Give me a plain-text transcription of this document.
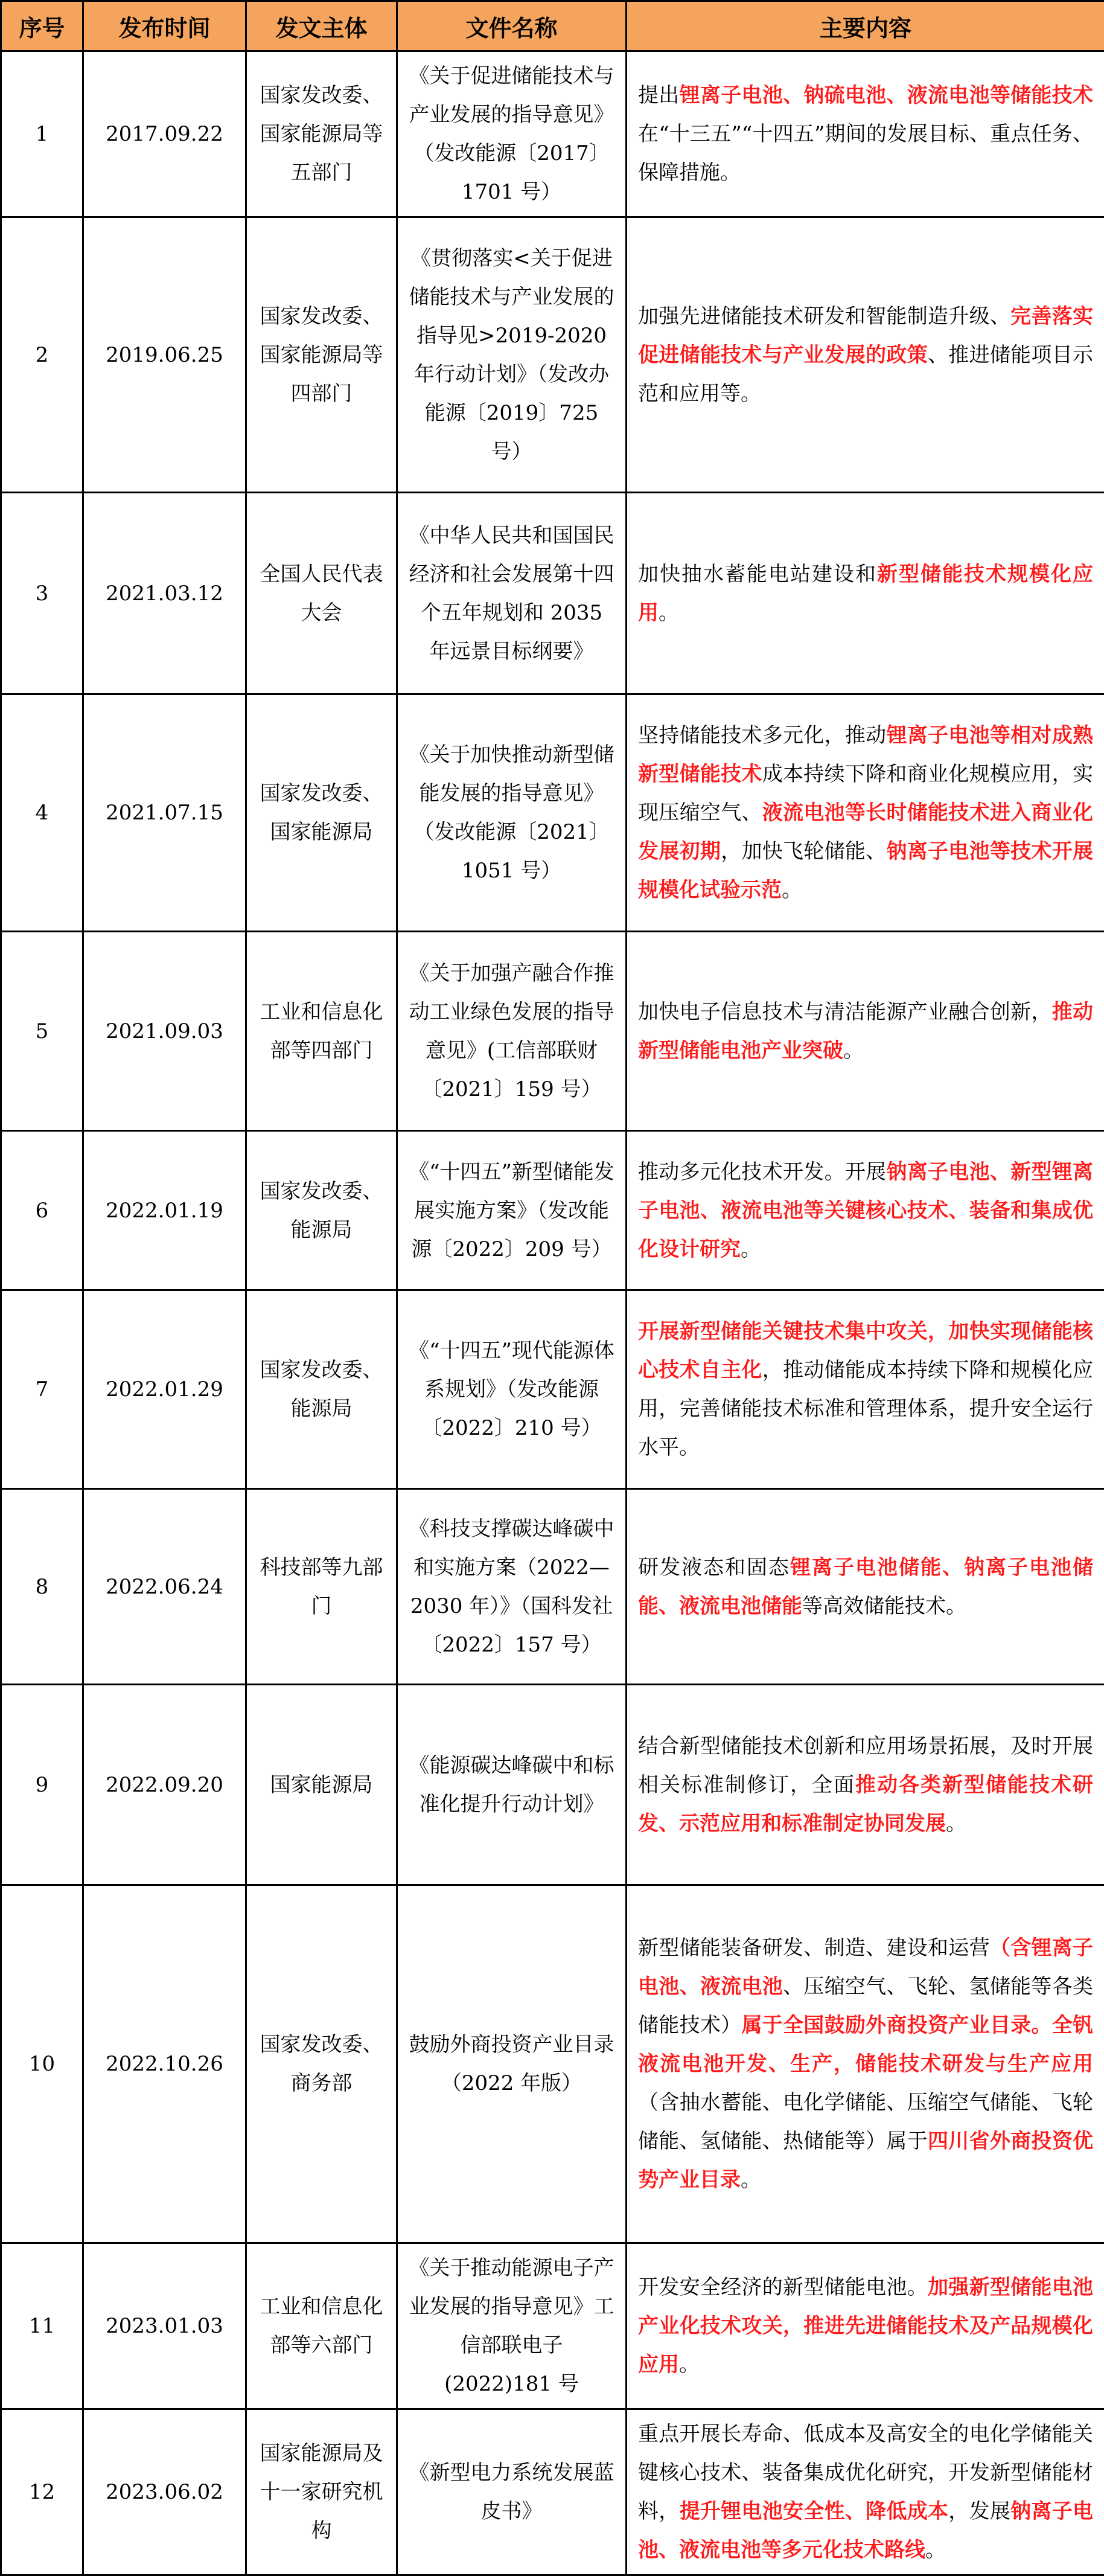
序号	发布时间	发文主体	文件名称	主要内容
1	2017.09.22	国家发改委、国家能源局等五部门	《关于促进储能技术与产业发展的指导意见》（发改能源〔2017〕1701 号）	提出锂离子电池、钠硫电池、液流电池等储能技术在“十三五”“十四五”期间的发展目标、重点任务、保障措施。
2	2019.06.25	国家发改委、国家能源局等四部门	《贯彻落实<关于促进储能技术与产业发展的指导见>2019-2020 年行动计划》（发改办能源〔2019〕725 号）	加强先进储能技术研发和智能制造升级、完善落实促进储能技术与产业发展的政策、推进储能项目示范和应用等。
3	2021.03.12	全国人民代表大会	《中华人民共和国国民经济和社会发展第十四个五年规划和 2035 年远景目标纲要》	加快抽水蓄能电站建设和新型储能技术规模化应用。
4	2021.07.15	国家发改委、国家能源局	《关于加快推动新型储能发展的指导意见》（发改能源〔2021〕1051 号）	坚持储能技术多元化，推动锂离子电池等相对成熟新型储能技术成本持续下降和商业化规模应用，实现压缩空气、液流电池等长时储能技术进入商业化发展初期，加快飞轮储能、钠离子电池等技术开展规模化试验示范。
5	2021.09.03	工业和信息化部等四部门	《关于加强产融合作推动工业绿色发展的指导意见》(工信部联财〔2021〕159 号）	加快电子信息技术与清洁能源产业融合创新，推动新型储能电池产业突破。
6	2022.01.19	国家发改委、能源局	《“十四五”新型储能发展实施方案》（发改能源〔2022〕209 号）	推动多元化技术开发。开展钠离子电池、新型锂离子电池、液流电池等关键核心技术、装备和集成优化设计研究。
7	2022.01.29	国家发改委、能源局	《“十四五”现代能源体系规划》（发改能源〔2022〕210 号）	开展新型储能关键技术集中攻关，加快实现储能核心技术自主化，推动储能成本持续下降和规模化应用，完善储能技术标准和管理体系，提升安全运行水平。
8	2022.06.24	科技部等九部门	《科技支撑碳达峰碳中和实施方案（2022—2030 年）》（国科发社〔2022〕157 号）	研发液态和固态锂离子电池储能、钠离子电池储能、液流电池储能等高效储能技术。
9	2022.09.20	国家能源局	《能源碳达峰碳中和标准化提升行动计划》	结合新型储能技术创新和应用场景拓展，及时开展相关标准制修订，全面推动各类新型储能技术研发、示范应用和标准制定协同发展。
10	2022.10.26	国家发改委、商务部	鼓励外商投资产业目录（2022 年版）	新型储能装备研发、制造、建设和运营（含锂离子电池、液流电池、压缩空气、飞轮、氢储能等各类储能技术）属于全国鼓励外商投资产业目录。全钒液流电池开发、生产，储能技术研发与生产应用（含抽水蓄能、电化学储能、压缩空气储能、飞轮储能、氢储能、热储能等）属于四川省外商投资优势产业目录。
11	2023.01.03	工业和信息化部等六部门	《关于推动能源电子产业发展的指导意见》工信部联电子(2022)181 号	开发安全经济的新型储能电池。加强新型储能电池产业化技术攻关，推进先进储能技术及产品规模化应用。
12	2023.06.02	国家能源局及十一家研究机构	《新型电力系统发展蓝皮书》	重点开展长寿命、低成本及高安全的电化学储能关键核心技术、装备集成优化研究，开发新型储能材料，提升锂电池安全性、降低成本，发展钠离子电池、液流电池等多元化技术路线。
